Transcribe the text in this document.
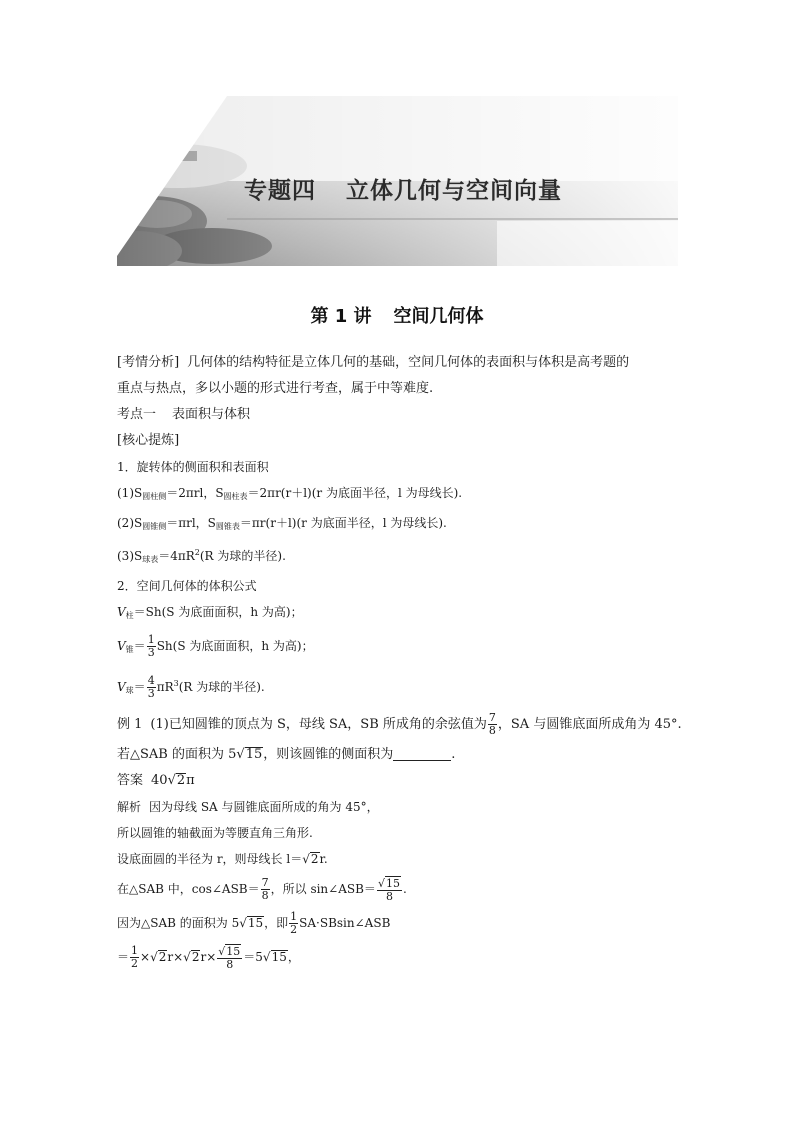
专题四 立体几何与空间向量
第 1 讲 空间几何体
[考情分析] 几何体的结构特征是立体几何的基础，空间几何体的表面积与体积是高考题的
重点与热点，多以小题的形式进行考查，属于中等难度.
考点一 表面积与体积
[核心提炼]
1．旋转体的侧面积和表面积
$(1)S_{圆柱侧}=2\pi rl$，$S_{圆柱表}=2\pi r(r+l)(r$ 为底面半径，l 为母线长).
$(2)S_{圆锥侧}=\pi rl$，$S_{圆锥表}=\pi r(r+l)(r$ 为底面半径，l 为母线长).
$(3)S_{球表}=4\pi R^2(R$ 为球的半径).
2．空间几何体的体积公式
$V_柱=Sh(S$ 为底面面积，h 为高)；
$V_锥= \frac{1}{3} Sh(S$ 为底面面积，h 为高)；
$V_球= \frac{4}{3} \pi R^3(R$ 为球的半径).
例 1 (1)已知圆锥的顶点为 S，母线 SA，SB 所成角的余弦值为 $\frac{7}{8}$ ，SA 与圆锥底面所成角为 45°.
若△SAB 的面积为 5√15，则该圆锥的侧面积为	.
答案 40√2π
解析 因为母线 SA 与圆锥底面所成的角为 45°，
所以圆锥的轴截面为等腰直角三角形.
设底面圆的半径为 r，则母线长 l＝√2r.
在△SAB 中，cos∠ASB＝ $\frac{7}{8}$ ，所以 sin∠ASB＝ $\frac{√15}{8}$ .
因为△SAB 的面积为 5√15，即 $\frac{1}{2}$ SA·SBsin∠ASB
＝ $\frac{1}{2} \times√2r\times√2r\times \frac{√15}{8} =5√15$，
